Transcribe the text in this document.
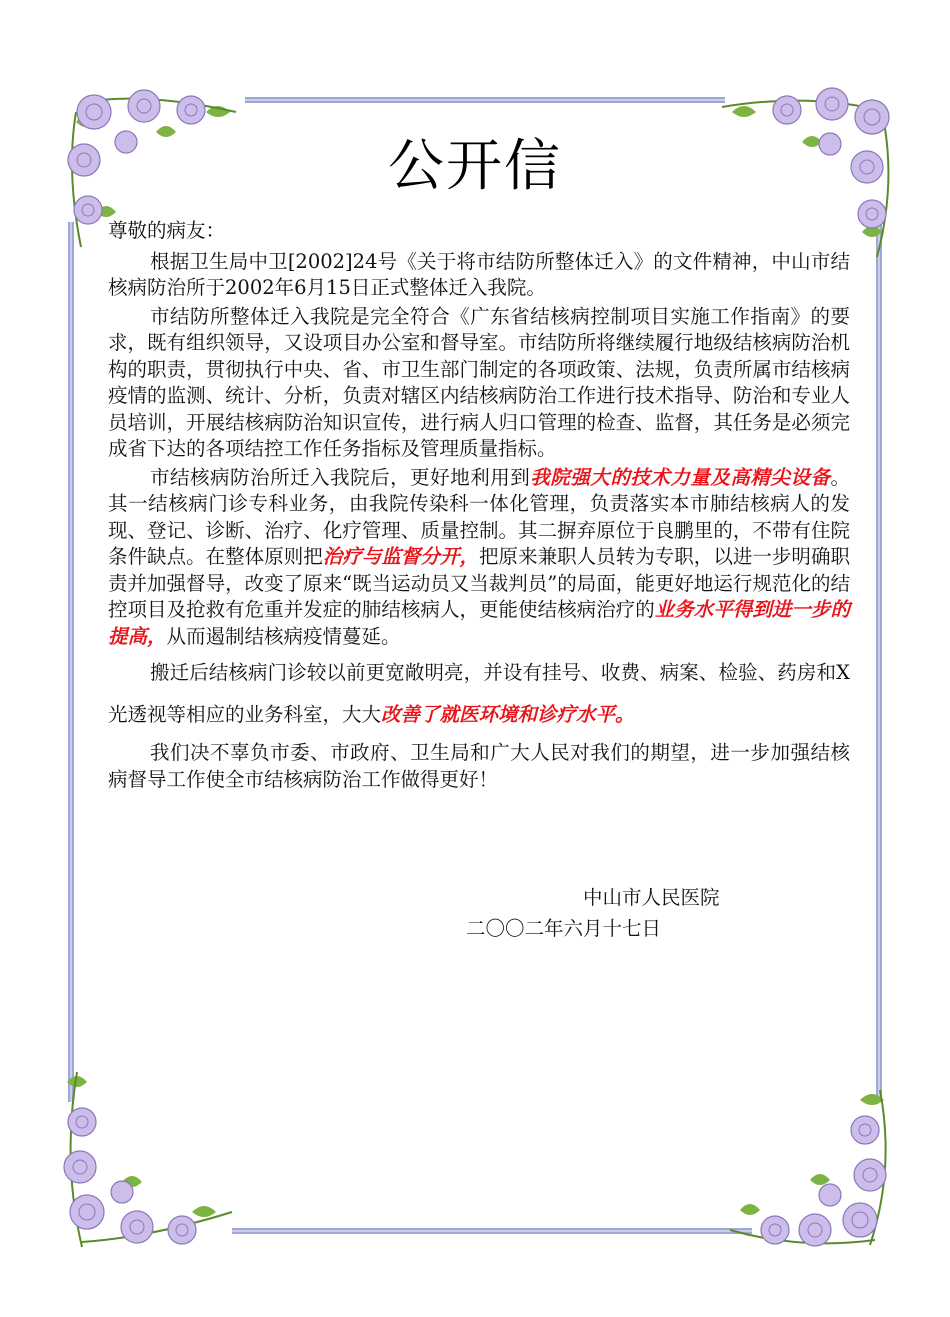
公开信

尊敬的病友：

根据卫生局中卫[2002]24号《关于将市结防所整体迁入》的文件精神，中山市结核病防治所于2002年6月15日正式整体迁入我院。

市结防所整体迁入我院是完全符合《广东省结核病控制项目实施工作指南》的要求，既有组织领导，又设项目办公室和督导室。市结防所将继续履行地级结核病防治机构的职责，贯彻执行中央、省、市卫生部门制定的各项政策、法规，负责所属市结核病疫情的监测、统计、分析，负责对辖区内结核病防治工作进行技术指导、防治和专业人员培训，开展结核病防治知识宣传，进行病人归口管理的检查、监督，其任务是必须完成省下达的各项结控工作任务指标及管理质量指标。

市结核病防治所迁入我院后，更好地利用到我院强大的技术力量及高精尖设备。其一结核病门诊专科业务，由我院传染科一体化管理，负责落实本市肺结核病人的发现、登记、诊断、治疗、化疗管理、质量控制。其二摒弃原位于良鹏里的，不带有住院条件缺点。在整体原则把治疗与监督分开，把原来兼职人员转为专职，以进一步明确职责并加强督导，改变了原来“既当运动员又当裁判员”的局面，能更好地运行规范化的结控项目及抢救有危重并发症的肺结核病人，更能使结核病治疗的业务水平得到进一步的提高，从而遏制结核病疫情蔓延。

搬迁后结核病门诊较以前更宽敞明亮，并设有挂号、收费、病案、检验、药房和X光透视等相应的业务科室，大大改善了就医环境和诊疗水平。

我们决不辜负市委、市政府、卫生局和广大人民对我们的期望，进一步加强结核病督导工作使全市结核病防治工作做得更好！

中山市人民医院
二〇〇二年六月十七日
